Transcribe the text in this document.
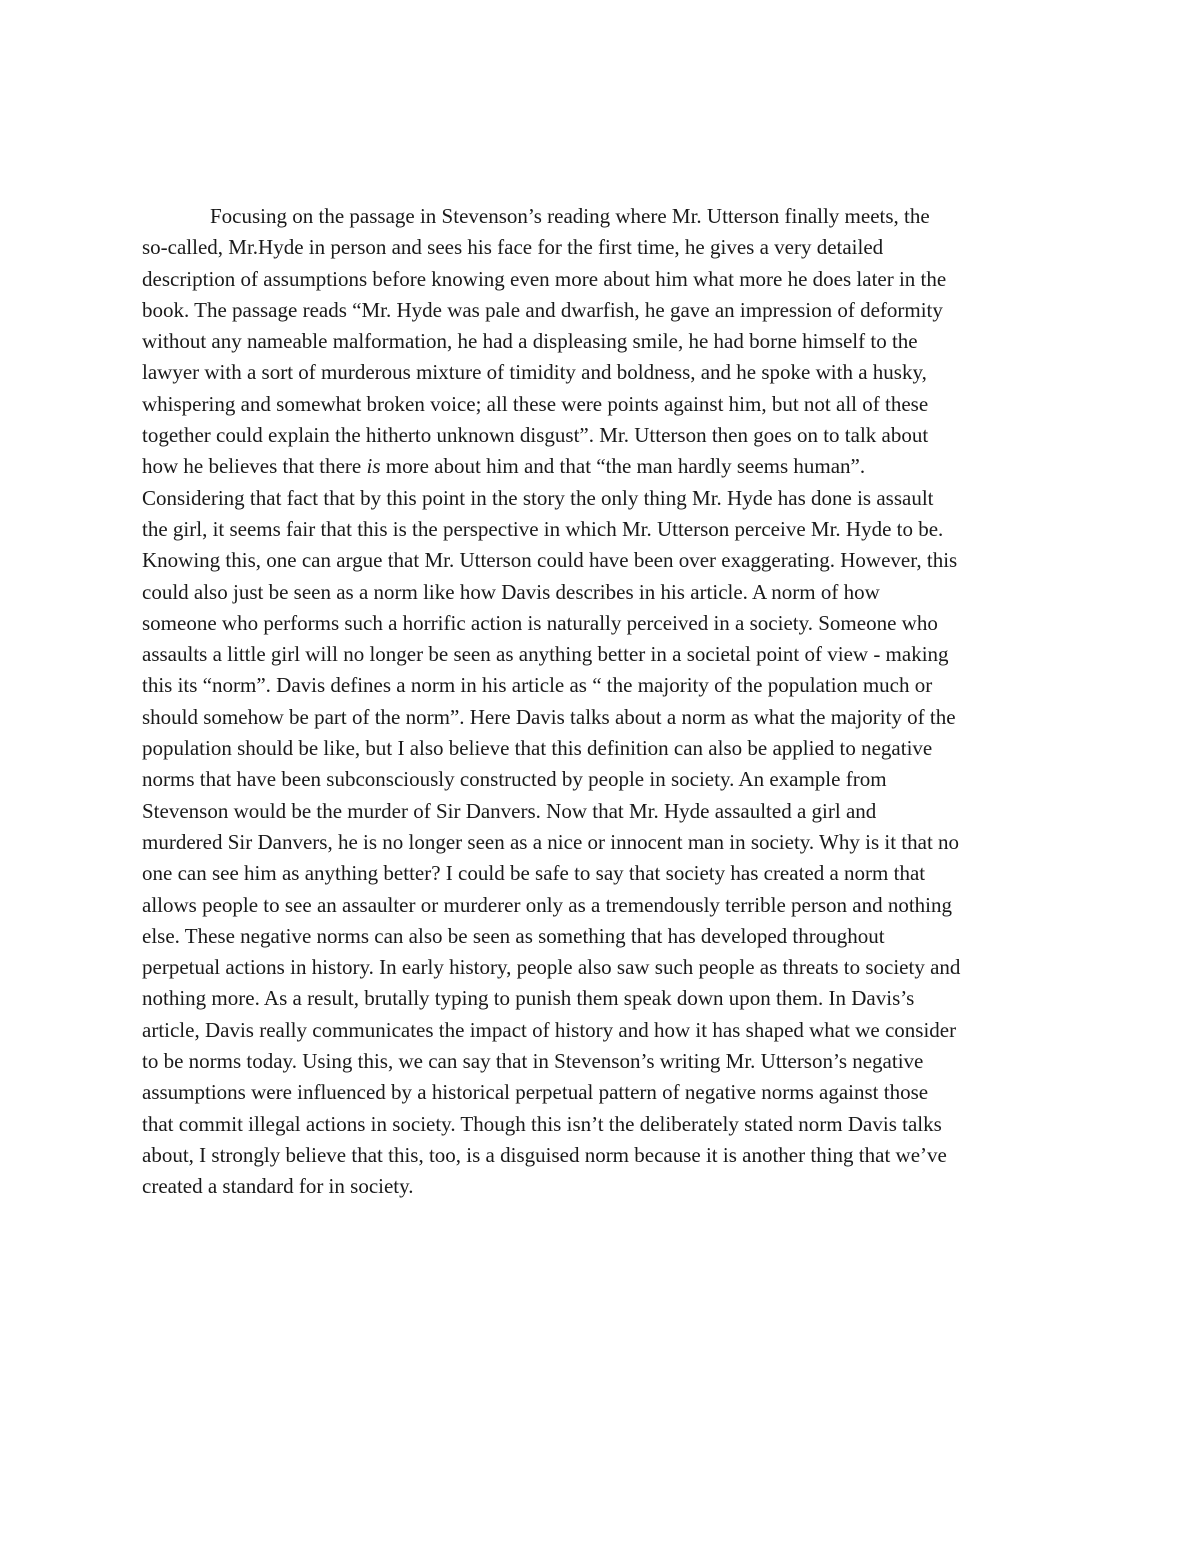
Focusing on the passage in Stevenson’s reading where Mr. Utterson finally meets, the
so-called, Mr.Hyde in person and sees his face for the first time, he gives a very detailed
description of assumptions before knowing even more about him what more he does later in the
book. The passage reads “Mr. Hyde was pale and dwarfish, he gave an impression of deformity
without any nameable malformation, he had a displeasing smile, he had borne himself to the
lawyer with a sort of murderous mixture of timidity and boldness, and he spoke with a husky,
whispering and somewhat broken voice; all these were points against him, but not all of these
together could explain the hitherto unknown disgust”. Mr. Utterson then goes on to talk about
how he believes that there is more about him and that “the man hardly seems human”.
Considering that fact that by this point in the story the only thing Mr. Hyde has done is assault
the girl, it seems fair that this is the perspective in which Mr. Utterson perceive Mr. Hyde to be.
Knowing this, one can argue that Mr. Utterson could have been over exaggerating. However, this
could also just be seen as a norm like how Davis describes in his article. A norm of how
someone who performs such a horrific action is naturally perceived in a society. Someone who
assaults a little girl will no longer be seen as anything better in a societal point of view - making
this its “norm”. Davis defines a norm in his article as “ the majority of the population much or
should somehow be part of the norm”. Here Davis talks about a norm as what the majority of the
population should be like, but I also believe that this definition can also be applied to negative
norms that have been subconsciously constructed by people in society. An example from
Stevenson would be the murder of Sir Danvers. Now that Mr. Hyde assaulted a girl and
murdered Sir Danvers, he is no longer seen as a nice or innocent man in society. Why is it that no
one can see him as anything better? I could be safe to say that society has created a norm that
allows people to see an assaulter or murderer only as a tremendously terrible person and nothing
else. These negative norms can also be seen as something that has developed throughout
perpetual actions in history. In early history, people also saw such people as threats to society and
nothing more. As a result, brutally typing to punish them speak down upon them. In Davis’s
article, Davis really communicates the impact of history and how it has shaped what we consider
to be norms today. Using this, we can say that in Stevenson’s writing Mr. Utterson’s negative
assumptions were influenced by a historical perpetual pattern of negative norms against those
that commit illegal actions in society. Though this isn’t the deliberately stated norm Davis talks
about, I strongly believe that this, too, is a disguised norm because it is another thing that we’ve
created a standard for in society.
